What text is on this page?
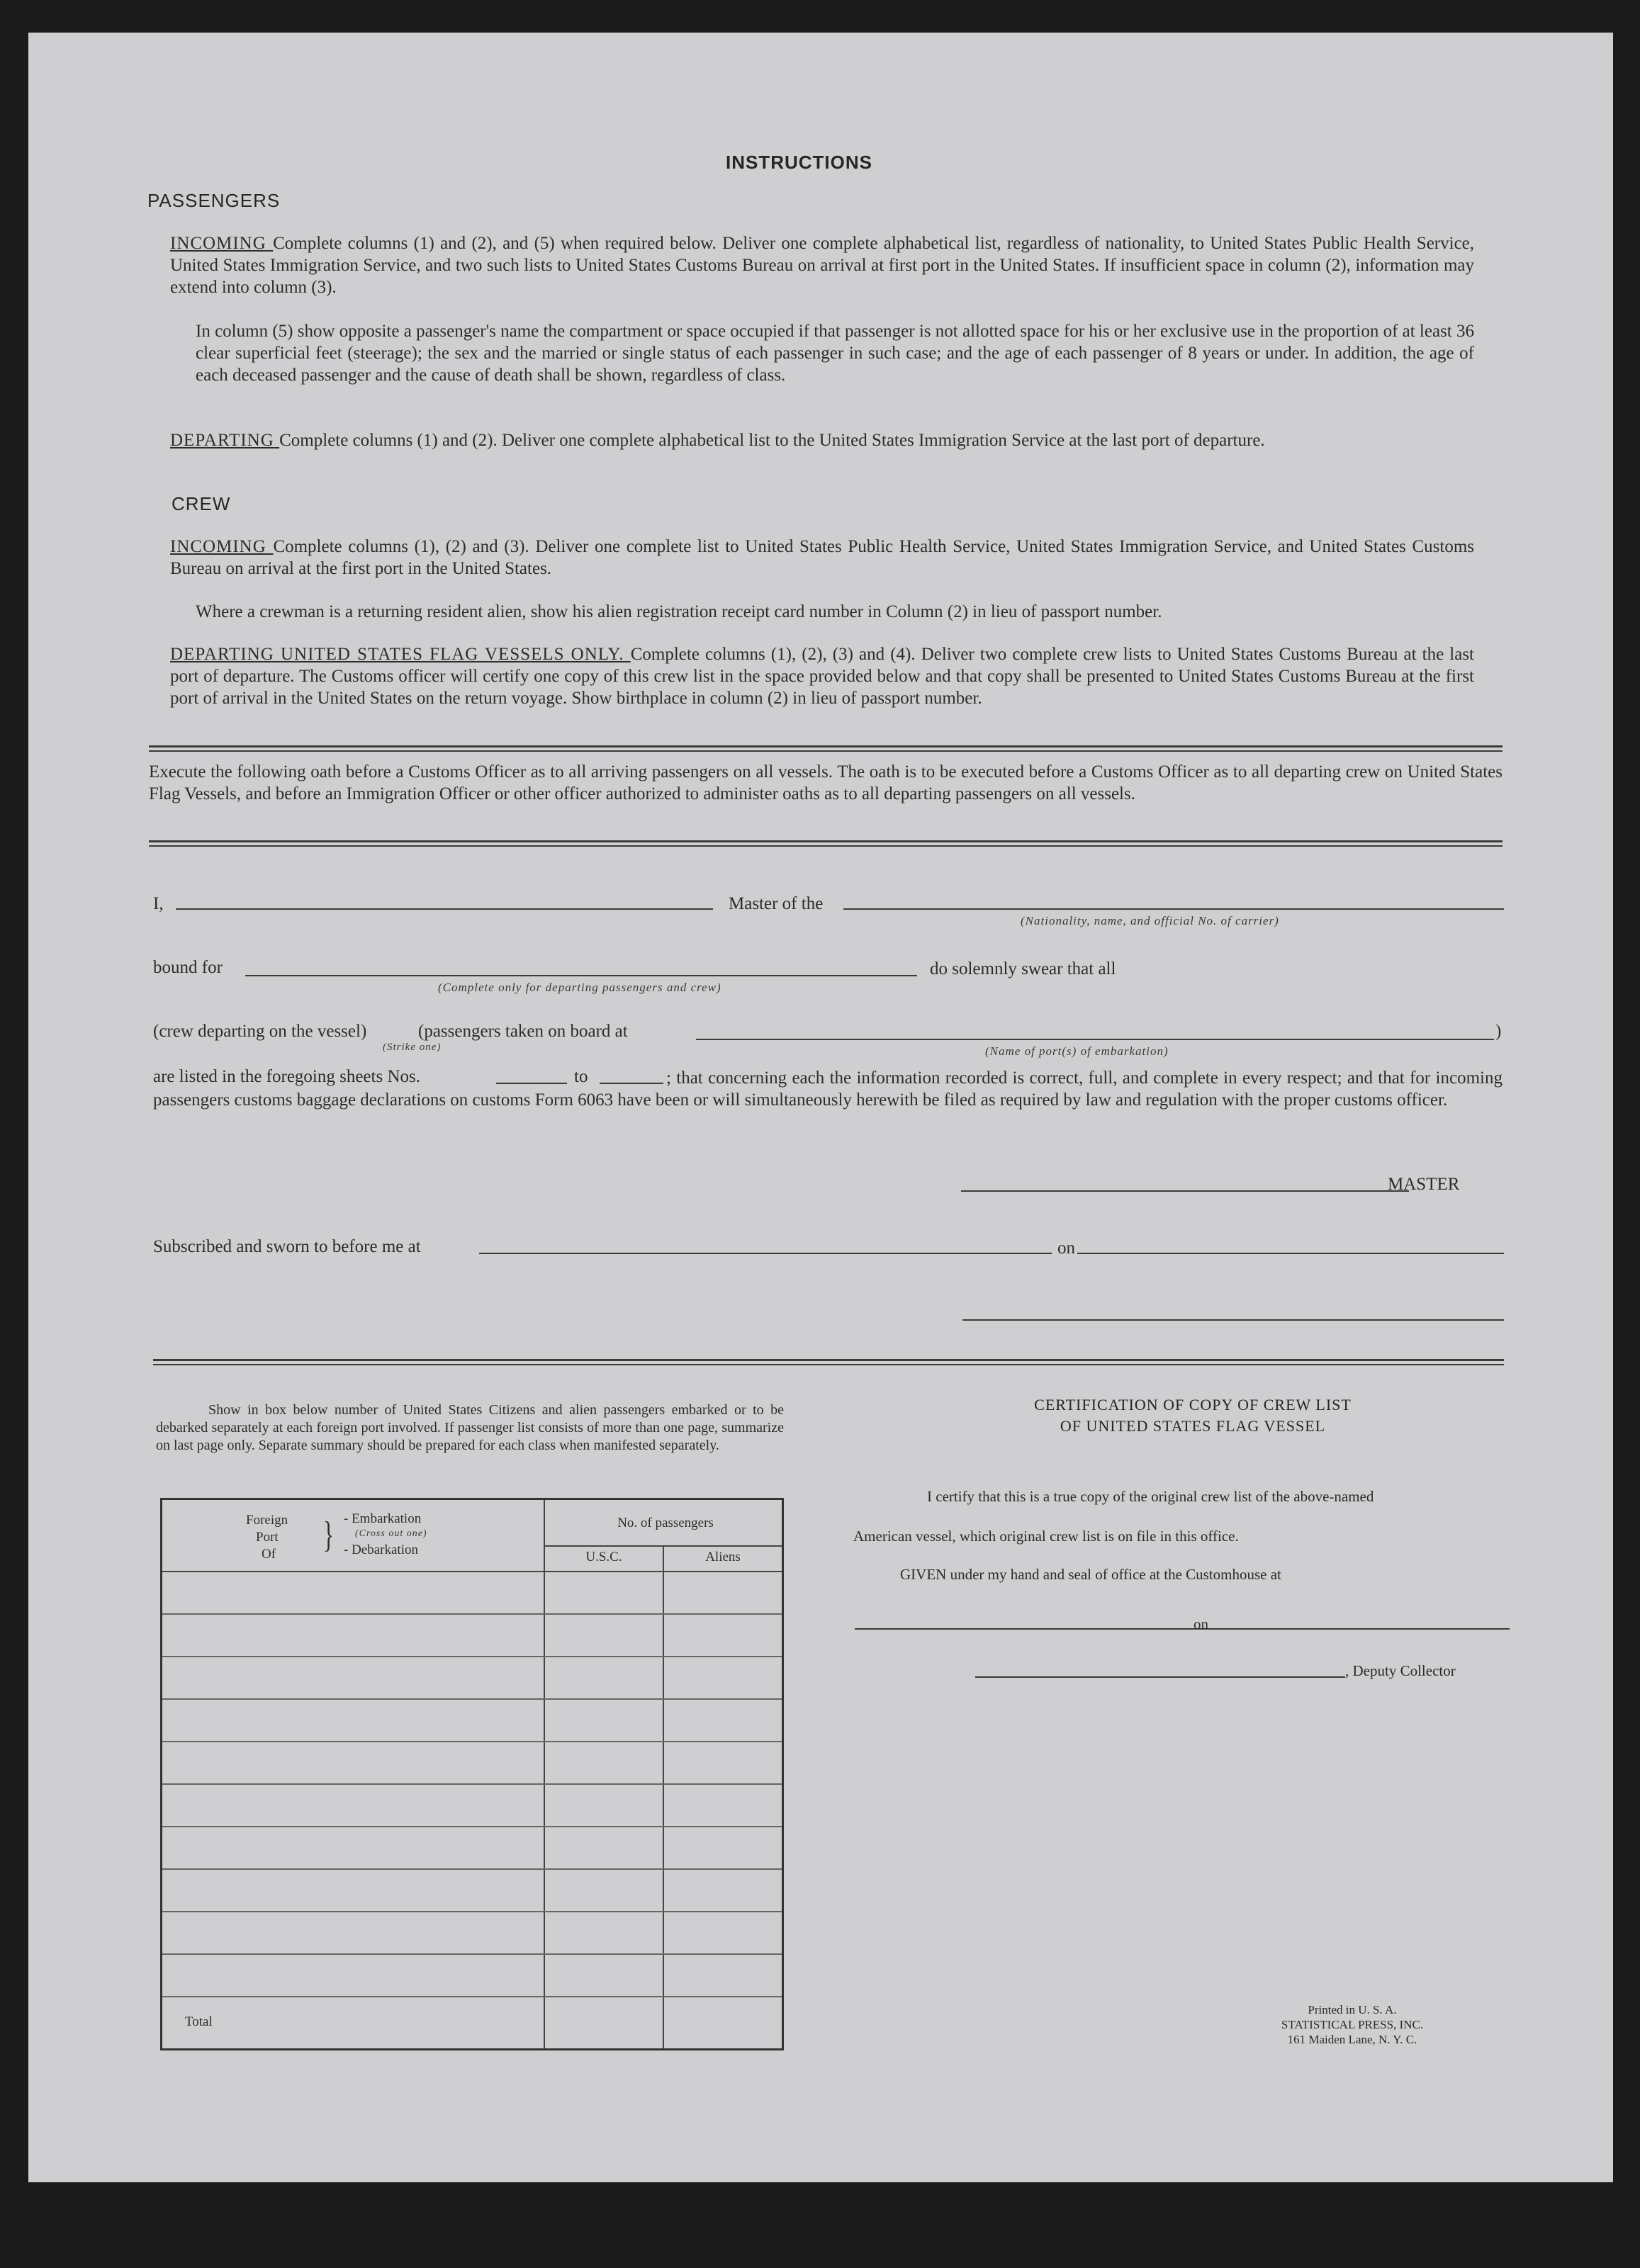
INSTRUCTIONS
PASSENGERS
INCOMING Complete columns (1) and (2), and (5) when required below. Deliver one complete alphabetical list, regardless of nationality, to United States Public Health Service, United States Immigration Service, and two such lists to United States Customs Bureau on arrival at first port in the United States. If insufficient space in column (2), information may extend into column (3).
In column (5) show opposite a passenger's name the compartment or space occupied if that passenger is not allotted space for his or her exclusive use in the proportion of at least 36 clear superficial feet (steerage); the sex and the married or single status of each passenger in such case; and the age of each passenger of 8 years or under. In addition, the age of each deceased passenger and the cause of death shall be shown, regardless of class.
DEPARTING Complete columns (1) and (2). Deliver one complete alphabetical list to the United States Immigration Service at the last port of departure.
CREW
INCOMING Complete columns (1), (2) and (3). Deliver one complete list to United States Public Health Service, United States Immigration Service, and United States Customs Bureau on arrival at the first port in the United States.
Where a crewman is a returning resident alien, show his alien registration receipt card number in Column (2) in lieu of passport number.
DEPARTING UNITED STATES FLAG VESSELS ONLY. Complete columns (1), (2), (3) and (4). Deliver two complete crew lists to United States Customs Bureau at the last port of departure. The Customs officer will certify one copy of this crew list in the space provided below and that copy shall be presented to United States Customs Bureau at the first port of arrival in the United States on the return voyage. Show birthplace in column (2) in lieu of passport number.
Execute the following oath before a Customs Officer as to all arriving passengers on all vessels. The oath is to be executed before a Customs Officer as to all departing crew on United States Flag Vessels, and before an Immigration Officer or other officer authorized to administer oaths as to all departing passengers on all vessels.
I,	Master of the
(Nationality, name, and official No. of carrier)
bound for
(Complete only for departing passengers and crew)
do solemnly swear that all
(crew departing on the vessel)
(Strike one)
(passengers taken on board at	)
(Name of port(s) of embarkation)
are listed in the foregoing sheets Nos.	to	; that concerning each the information recorded is correct, full, and complete in every respect; and that for incoming passengers customs baggage declarations on customs Form 6063 have been or will simultaneously herewith be filed as required by law and regulation with the proper customs officer.
MASTER
Subscribed and sworn to before me at	on
Show in box below number of United States Citizens and alien passengers embarked or to be debarked separately at each foreign port involved. If passenger list consists of more than one page, summarize on last page only. Separate summary should be prepared for each class when manifested separately.
Foreign
Port
Of } - Embarkation
(Cross out one)
- Debarkation
No. of passengers
U.S.C.	Aliens
Total
CERTIFICATION OF COPY OF CREW LIST
OF UNITED STATES FLAG VESSEL
I certify that this is a true copy of the original crew list of the above-named
American vessel, which original crew list is on file in this office.
GIVEN under my hand and seal of office at the Customhouse at
on
, Deputy Collector
Printed in U. S. A.
STATISTICAL PRESS, INC.
161 Maiden Lane, N. Y. C.
